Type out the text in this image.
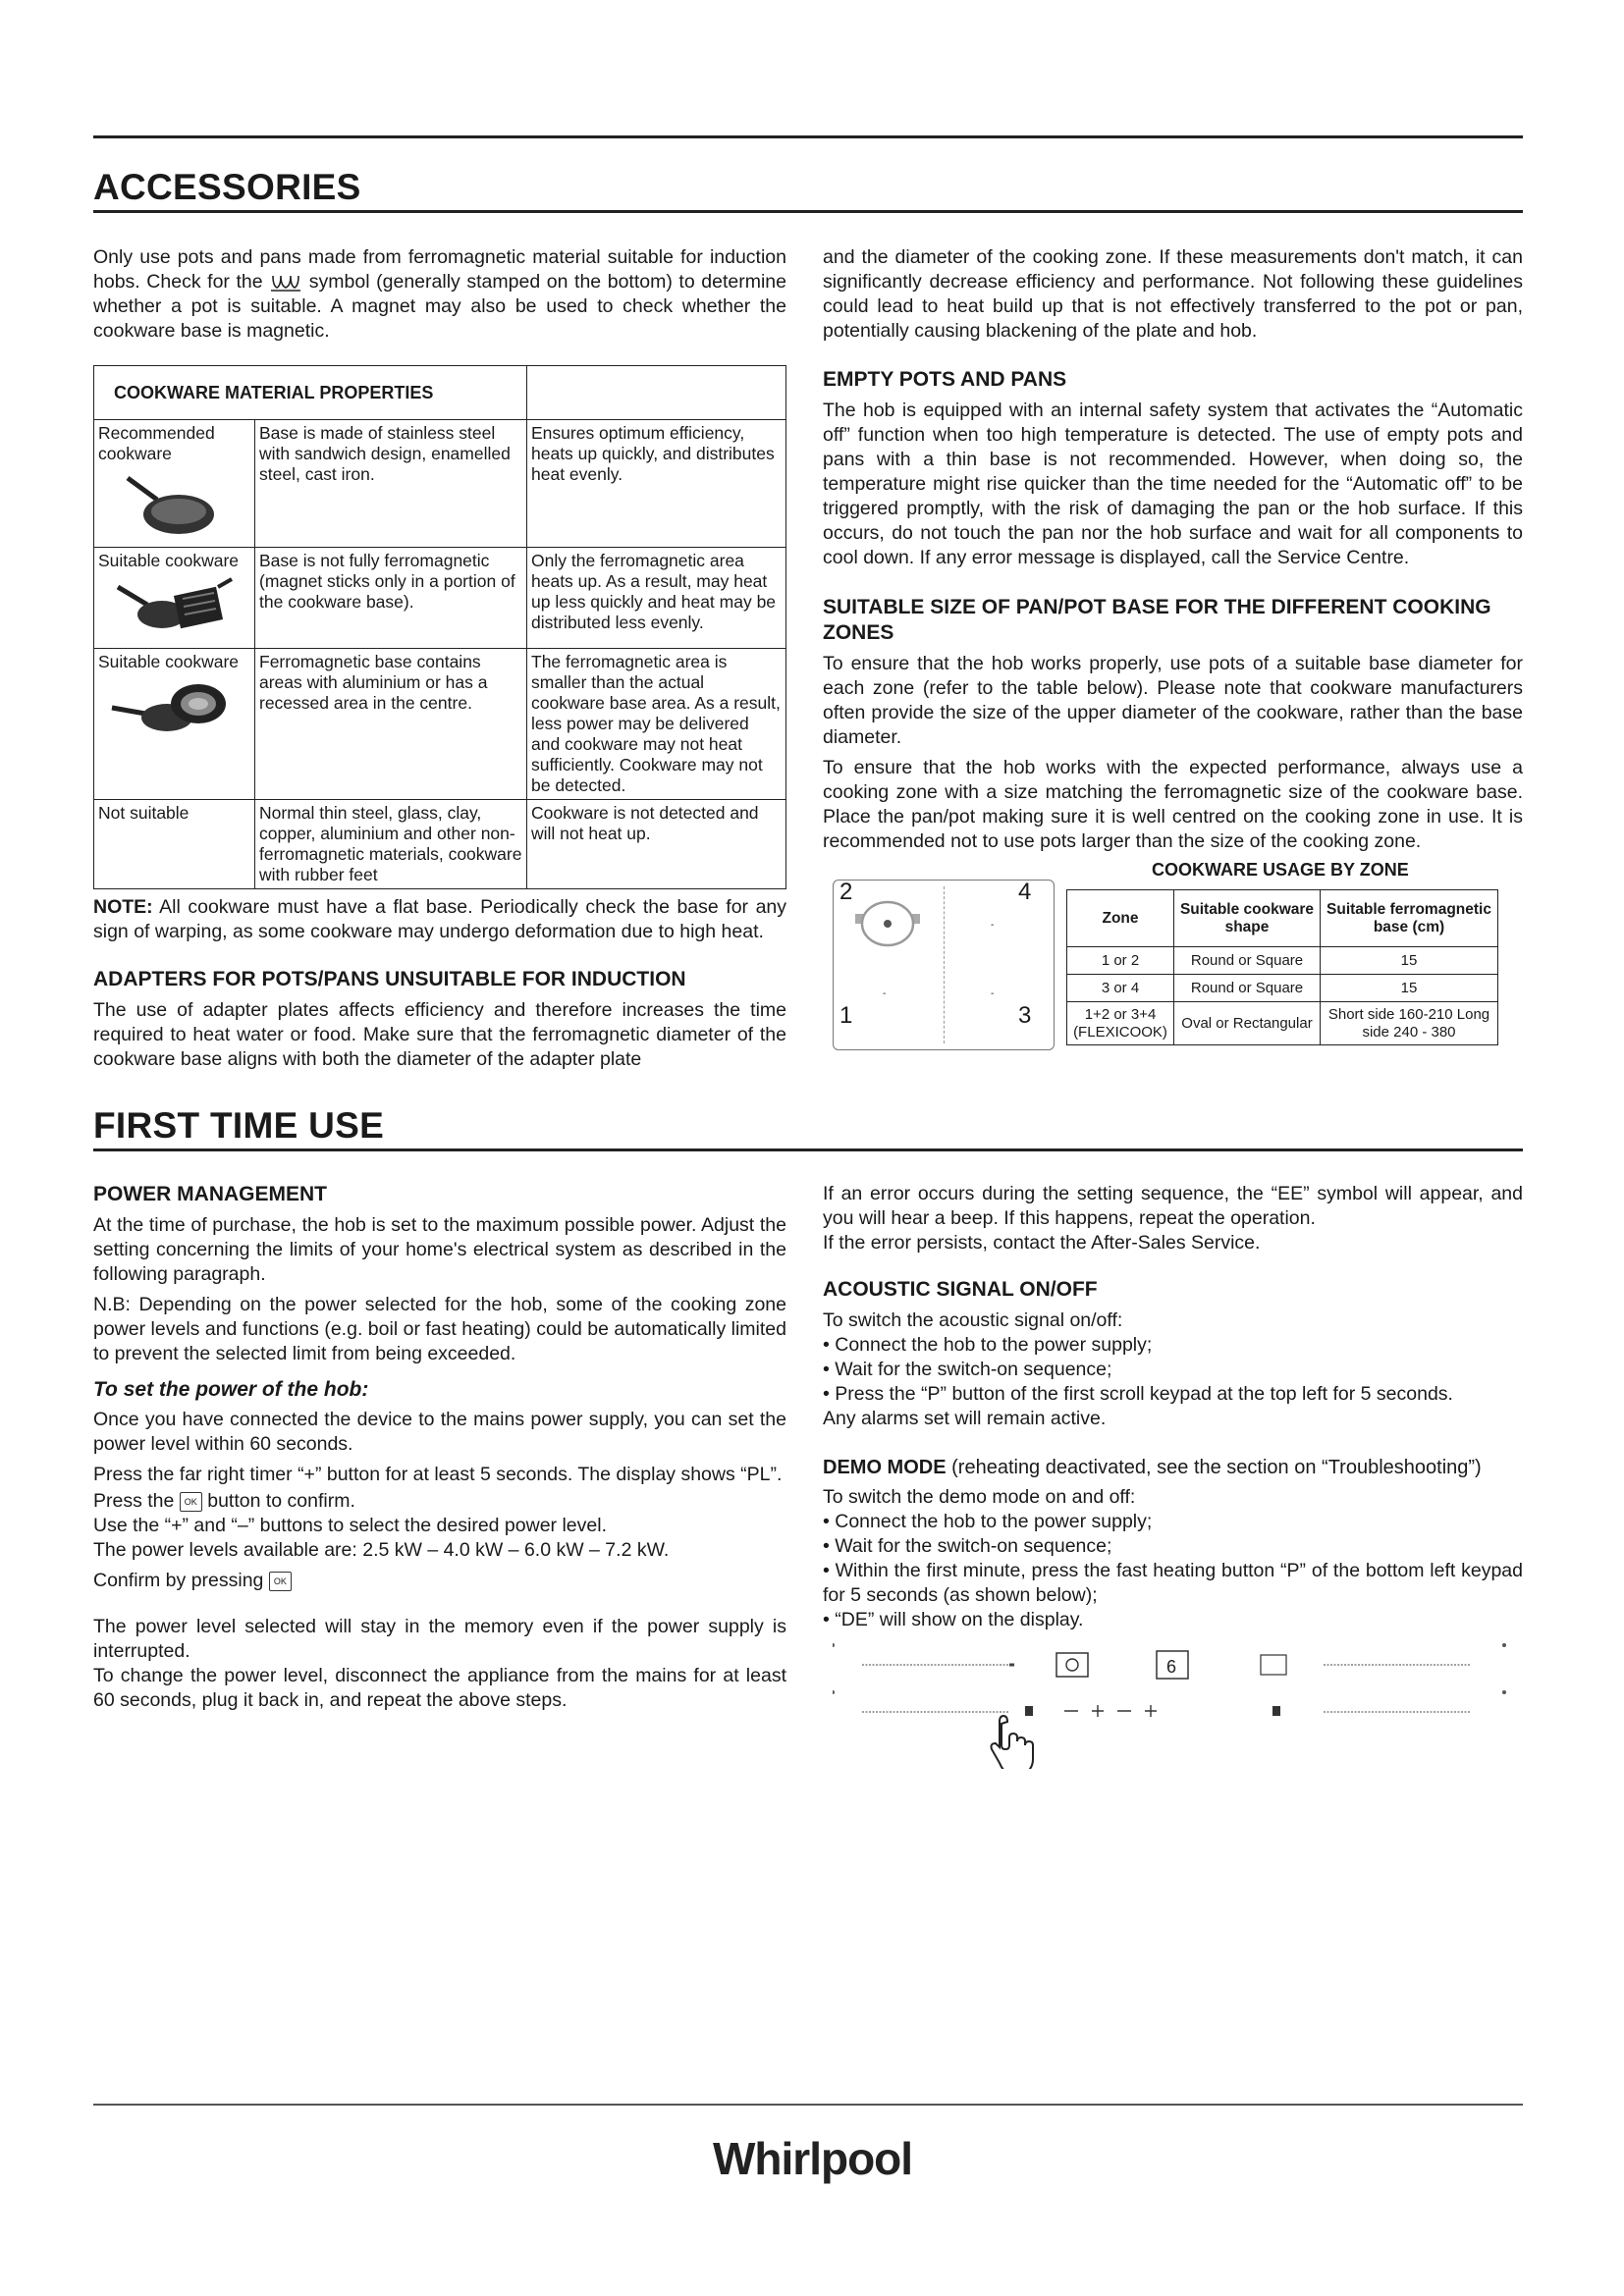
ACCESSORIES
Only use pots and pans made from ferromagnetic material suitable for induction hobs. Check for the symbol (generally stamped on the bottom) to determine whether a pot is suitable. A magnet may also be used to check whether the cookware base is magnetic.
COOKWARE MATERIAL PROPERTIES		
Recommended cookware	Base is made of stainless steel with sandwich design, enamelled steel, cast iron.	Ensures optimum efficiency, heats up quickly, and distributes heat evenly.
Suitable cookware	Base is not fully ferromagnetic (magnet sticks only in a portion of the cookware base).	Only the ferromagnetic area heats up. As a result, may heat up less quickly and heat may be distributed less evenly.
Suitable cookware	Ferromagnetic base contains areas with aluminium or has a recessed area in the centre.	The ferromagnetic area is smaller than the actual cookware base area. As a result, less power may be delivered and cookware may not heat sufficiently. Cookware may not be detected.
Not suitable	Normal thin steel, glass, clay, copper, aluminium and other non-ferromagnetic materials, cookware with rubber feet	Cookware is not detected and will not heat up.
NOTE: All cookware must have a flat base. Periodically check the base for any sign of warping, as some cookware may undergo deformation due to high heat.
ADAPTERS FOR POTS/PANS UNSUITABLE FOR INDUCTION
The use of adapter plates affects efficiency and therefore increases the time required to heat water or food. Make sure that the ferromagnetic diameter of the cookware base aligns with both the diameter of the adapter plate
and the diameter of the cooking zone. If these measurements don't match, it can significantly decrease efficiency and performance. Not following these guidelines could lead to heat build up that is not effectively transferred to the pot or pan, potentially causing blackening of the plate and hob.
EMPTY POTS AND PANS
The hob is equipped with an internal safety system that activates the “Automatic off” function when too high temperature is detected. The use of empty pots and pans with a thin base is not recommended. However, when doing so, the temperature might rise quicker than the time needed for the “Automatic off” to be triggered promptly, with the risk of damaging the pan or the hob surface. If this occurs, do not touch the pan nor the hob surface and wait for all components to cool down. If any error message is displayed, call the Service Centre.
SUITABLE SIZE OF PAN/POT BASE FOR THE DIFFERENT COOKING ZONES

To ensure that the hob works properly, use pots of a suitable base diameter for each zone (refer to the table below). Please note that cookware manufacturers often provide the size of the upper diameter of the cookware, rather than the base diameter.

To ensure that the hob works with the expected performance, always use a cooking zone with a size matching the ferromagnetic size of the cookware base. Place the pan/pot making sure it is well centred on the cooking zone in use. It is recommended not to use pots larger than the size of the cooking zone.

COOKWARE USAGE BY ZONE
2	4
1	3
-
-	-
Zone	Suitable cookware shape	Suitable ferromagnetic base (cm)
1 or 2	Round or Square	15
3 or 4	Round or Square	15
1+2 or 3+4 (FLEXICOOK)	Oval or Rectangular	Short side 160-210 Long side 240 - 380
FIRST TIME USE
POWER MANAGEMENT

At the time of purchase, the hob is set to the maximum possible power. Adjust the setting concerning the limits of your home's electrical system as described in the following paragraph.

N.B: Depending on the power selected for the hob, some of the cooking zone power levels and functions (e.g. boil or fast heating) could be automatically limited to prevent the selected limit from being exceeded.

To set the power of the hob:

Once you have connected the device to the mains power supply, you can set the power level within 60 seconds.

Press the far right timer “+” button for at least 5 seconds. The display shows “PL”.

Press the OK button to confirm.

Use the “+” and “–” buttons to select the desired power level.

The power levels available are: 2.5 kW – 4.0 kW – 6.0 kW – 7.2 kW.

Confirm by pressing OK

The power level selected will stay in the memory even if the power supply is interrupted.

To change the power level, disconnect the appliance from the mains for at least 60 seconds, plug it back in, and repeat the above steps.

If an error occurs during the setting sequence, the “EE” symbol will appear, and you will hear a beep. If this happens, repeat the operation.

If the error persists, contact the After-Sales Service.

ACOUSTIC SIGNAL ON/OFF
To switch the acoustic signal on/off:
• Connect the hob to the power supply;
• Wait for the switch-on sequence;
• Press the “P” button of the first scroll keypad at the top left for 5 seconds.
Any alarms set will remain active.
DEMO MODE (reheating deactivated, see the section on “Troubleshooting”)
To switch the demo mode on and off:
• Connect the hob to the power supply;
• Wait for the switch-on sequence;
• Within the first minute, press the fast heating button “P” of the bottom left keypad for 5 seconds (as shown below);
• “DE” will show on the display.
6
Whirlpool
